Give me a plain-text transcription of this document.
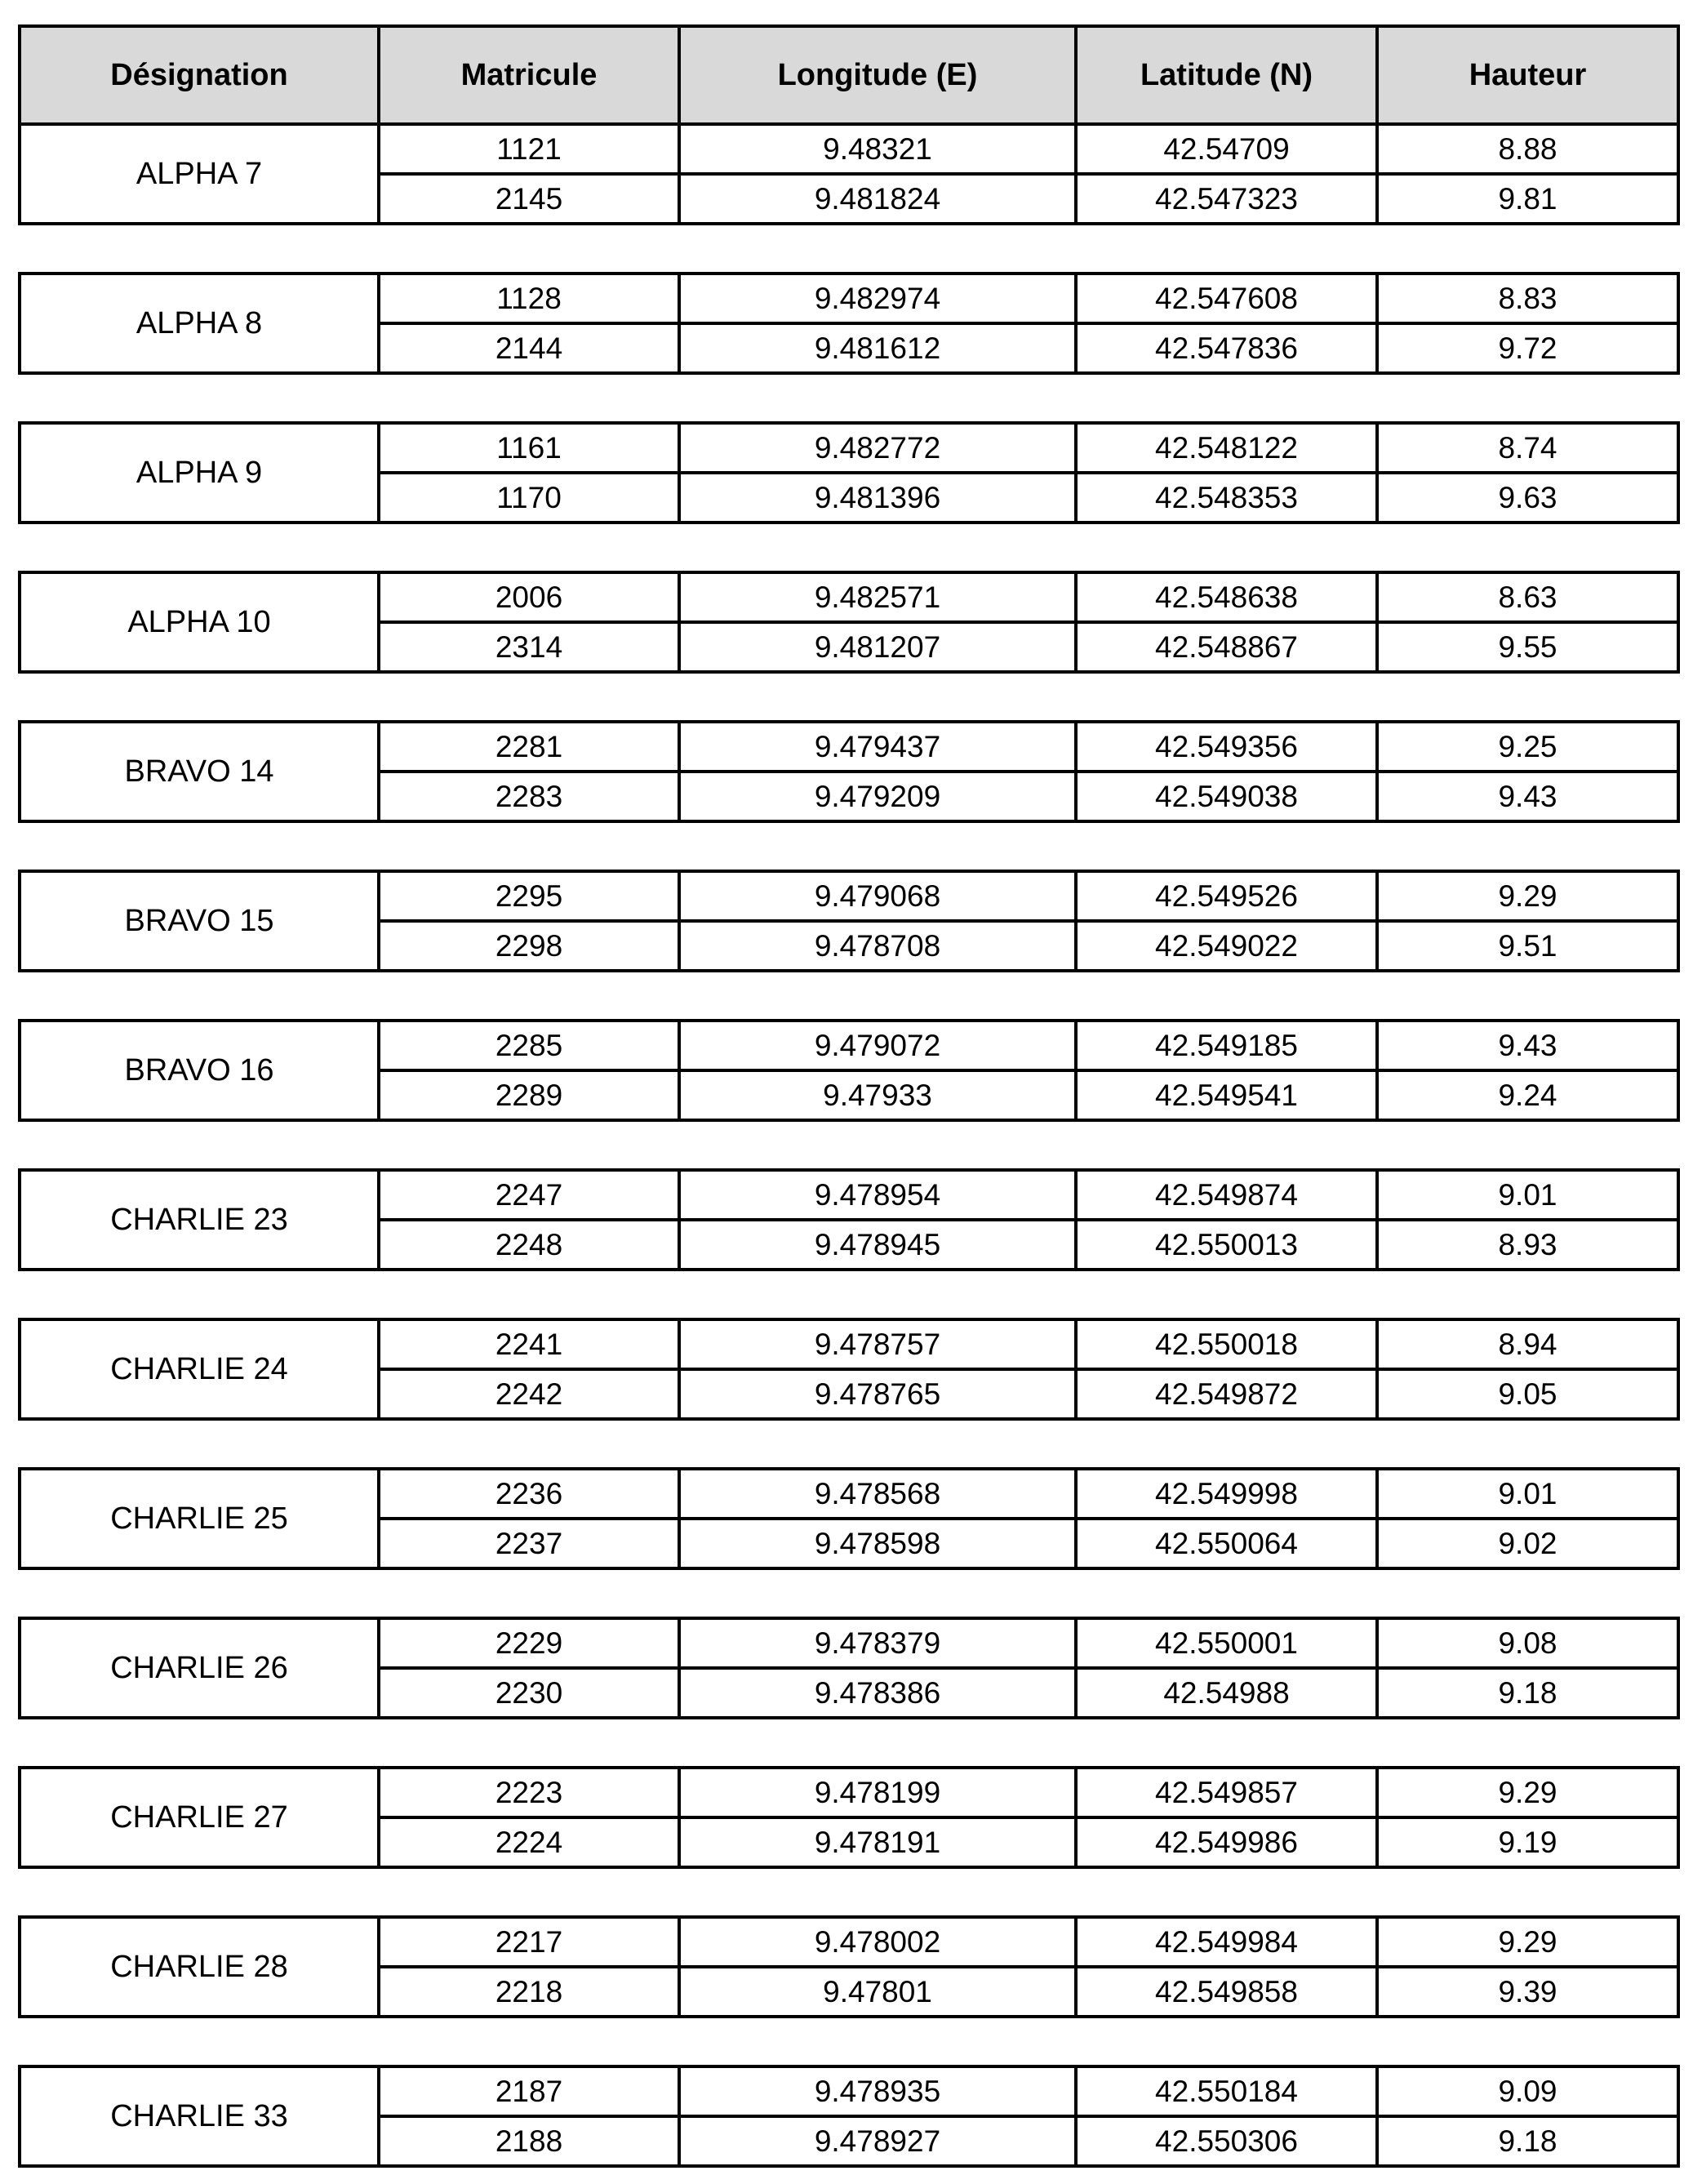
Désignation	Matricule	Longitude (E)	Latitude (N)	Hauteur
ALPHA 7	1121	9.48321	42.54709	8.88
	2145	9.481824	42.547323	9.81

ALPHA 8	1128	9.482974	42.547608	8.83
	2144	9.481612	42.547836	9.72

ALPHA 9	1161	9.482772	42.548122	8.74
	1170	9.481396	42.548353	9.63

ALPHA 10	2006	9.482571	42.548638	8.63
	2314	9.481207	42.548867	9.55

BRAVO 14	2281	9.479437	42.549356	9.25
	2283	9.479209	42.549038	9.43

BRAVO 15	2295	9.479068	42.549526	9.29
	2298	9.478708	42.549022	9.51

BRAVO 16	2285	9.479072	42.549185	9.43
	2289	9.47933	42.549541	9.24

CHARLIE 23	2247	9.478954	42.549874	9.01
	2248	9.478945	42.550013	8.93

CHARLIE 24	2241	9.478757	42.550018	8.94
	2242	9.478765	42.549872	9.05

CHARLIE 25	2236	9.478568	42.549998	9.01
	2237	9.478598	42.550064	9.02

CHARLIE 26	2229	9.478379	42.550001	9.08
	2230	9.478386	42.54988	9.18

CHARLIE 27	2223	9.478199	42.549857	9.29
	2224	9.478191	42.549986	9.19

CHARLIE 28	2217	9.478002	42.549984	9.29
	2218	9.47801	42.549858	9.39

CHARLIE 33	2187	9.478935	42.550184	9.09
	2188	9.478927	42.550306	9.18
